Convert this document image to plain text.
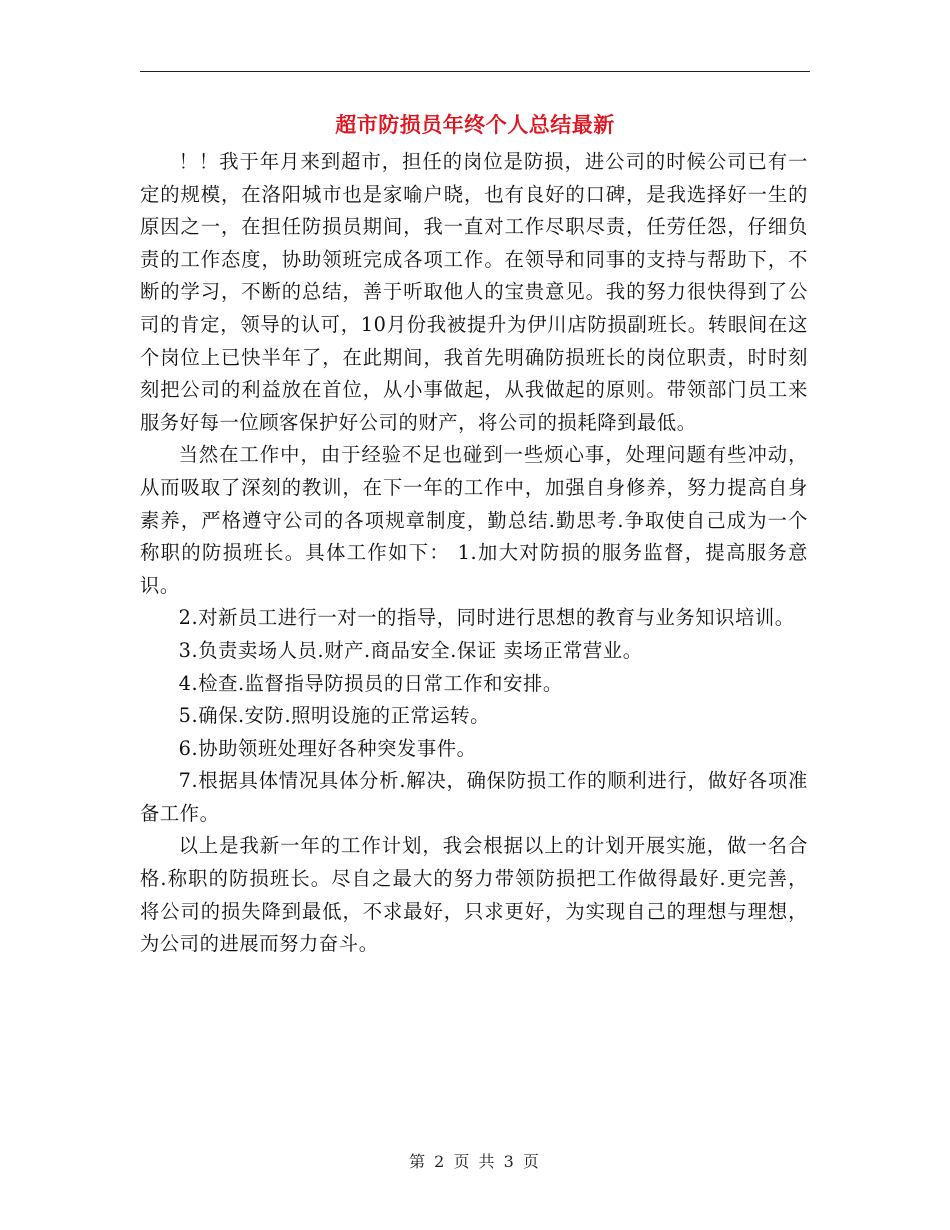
超市防损员年终个人总结最新

！！我于年月来到超市，担任的岗位是防损，进公司的时候公司已有一定的规模，在洛阳城市也是家喻户晓，也有良好的口碑，是我选择好一生的原因之一，在担任防损员期间，我一直对工作尽职尽责，任劳任怨，仔细负责的工作态度，协助领班完成各项工作。在领导和同事的支持与帮助下，不断的学习，不断的总结，善于听取他人的宝贵意见。我的努力很快得到了公司的肯定，领导的认可，10月份我被提升为伊川店防损副班长。转眼间在这个岗位上已快半年了，在此期间，我首先明确防损班长的岗位职责，时时刻刻把公司的利益放在首位，从小事做起，从我做起的原则。带领部门员工来服务好每一位顾客保护好公司的财产，将公司的损耗降到最低。

当然在工作中，由于经验不足也碰到一些烦心事，处理问题有些冲动，从而吸取了深刻的教训，在下一年的工作中，加强自身修养，努力提高自身素养，严格遵守公司的各项规章制度，勤总结.勤思考.争取使自己成为一个称职的防损班长。具体工作如下： 1.加大对防损的服务监督，提高服务意识。

2.对新员工进行一对一的指导，同时进行思想的教育与业务知识培训。

3.负责卖场人员.财产.商品安全.保证 卖场正常营业。

4.检查.监督指导防损员的日常工作和安排。

5.确保.安防.照明设施的正常运转。

6.协助领班处理好各种突发事件。

7.根据具体情况具体分析.解决，确保防损工作的顺利进行，做好各项准备工作。

以上是我新一年的工作计划，我会根据以上的计划开展实施，做一名合格.称职的防损班长。尽自之最大的努力带领防损把工作做得最好.更完善，将公司的损失降到最低，不求最好，只求更好，为实现自己的理想与理想，为公司的进展而努力奋斗。

第 2 页 共 3 页
